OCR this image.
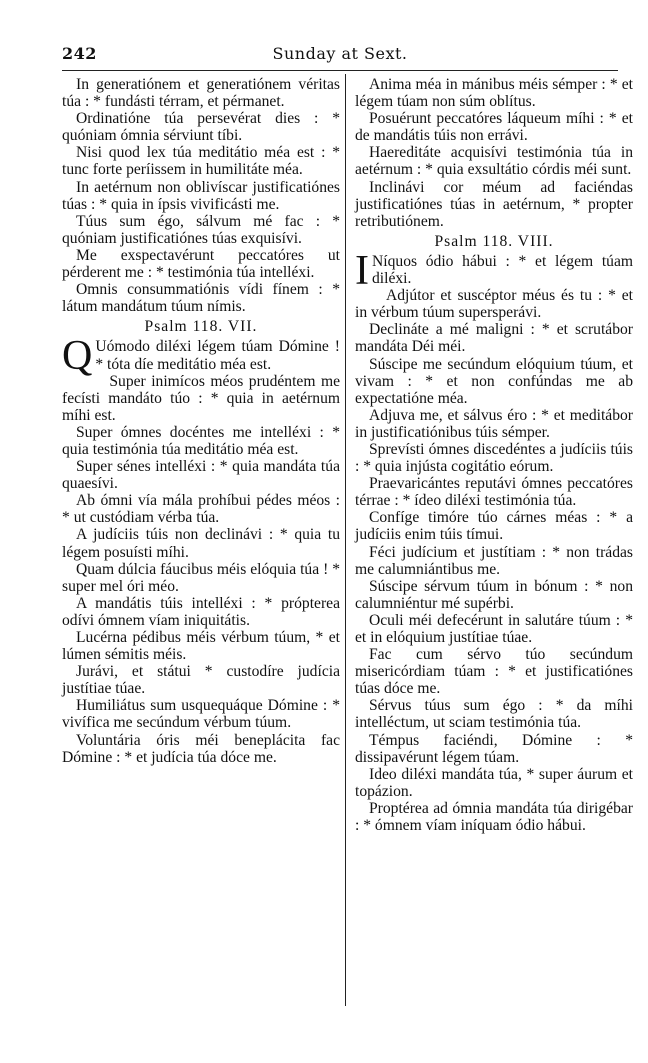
242	Sunday at Sext.

In generatiónem et generatiónem véritas túa : * fundásti térram, et pérmanet.

Ordinatióne túa persevérat dies : * quóniam ómnia sérviunt tíbi.

Nisi quod lex túa meditátio méa est : * tunc forte períissem in humilitáte méa.

In aetérnum non oblivíscar justificatiónes túas : * quia in ípsis vivificásti me.

Túus sum égo, sálvum mé fac : * quóniam justificatiónes túas exquisívi.

Me exspectavérunt peccatóres ut pérderent me : * testimónia túa intelléxi.

Omnis consummatiónis vídi fínem : * látum mandátum túum nímis.

Psalm 118. VII.

Q Uómodo diléxi légem túam Dómine ! * tóta díe meditátio méa est.

Super inimícos méos prudéntem me fecísti mandáto túo : * quia in aetérnum míhi est.

Super ómnes docéntes me intelléxi : * quia testimónia túa meditátio méa est.

Super sénes intelléxi : * quia mandáta túa quaesívi.

Ab ómni vía mála prohíbui pédes méos : * ut custódiam vérba túa.

A judíciis túis non declinávi : * quia tu légem posuísti míhi.

Quam dúlcia fáucibus méis elóquia túa ! * super mel óri méo.

A mandátis túis intelléxi : * própterea odívi ómnem víam iniquitátis.

Lucérna pédibus méis vérbum túum, * et lúmen sémitis méis.

Jurávi, et státui * custodíre judícia justítiae túae.

Humiliátus sum usquequáque Dómine : * vivífica me secúndum vérbum túum.

Voluntária óris méi beneplácita fac Dómine : * et judícia túa dóce me.

Anima méa in mánibus méis sémper : * et légem túam non súm oblítus.

Posuérunt peccatóres láqueum míhi : * et de mandátis túis non errávi.

Haereditáte acquisívi testimónia túa in aetérnum : * quia exsultátio córdis méi sunt.

Inclinávi cor méum ad faciéndas justificatiónes túas in aetérnum, * propter retributiónem.

Psalm 118. VIII.

I Níquos ódio hábui : * et légem túam diléxi.

Adjútor et suscéptor méus és tu : * et in vérbum túum supersperávi.

Declináte a mé maligni : * et scrutábor mandáta Déi méi.

Súscipe me secúndum elóquium túum, et vivam : * et non confúndas me ab expectatióne méa.

Adjuva me, et sálvus éro : * et meditábor in justificatiónibus túis sémper.

Sprevísti ómnes discedéntes a judíciis túis : * quia injústa cogitátio eórum.

Praevaricántes reputávi ómnes peccatóres térrae : * ídeo diléxi testimónia túa.

Confíge timóre túo cárnes méas : * a judíciis enim túis tímui.

Féci judícium et justítiam : * non trádas me calumniántibus me.

Súscipe sérvum túum in bónum : * non calumniéntur mé supérbi.

Oculi méi defecérunt in salutáre túum : * et in elóquium justítiae túae.

Fac cum sérvo túo secúndum misericórdiam túam : * et justificatiónes túas dóce me.

Sérvus túus sum égo : * da míhi intelléctum, ut sciam testimónia túa.

Témpus faciéndi, Dómine : * dissipavérunt légem túam.

Ideo diléxi mandáta túa, * super áurum et topázion.

Proptérea ad ómnia mandáta túa dirigébar : * ómnem víam iníquam ódio hábui.
